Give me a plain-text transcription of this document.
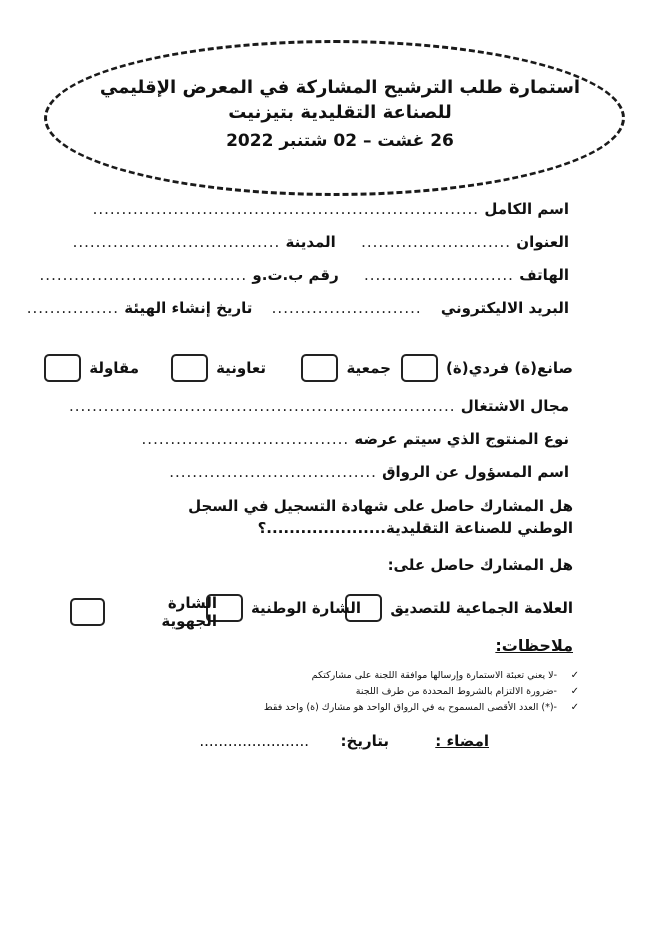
استمارة طلب الترشيح المشاركة في المعرض الإقليمي

للصناعة التقليدية بتيزنيت

26 غشت – 02 شتنبر 2022

اسم الكامل ...................................................................
العنوان .......................... المدينة ....................................
الهاتف .......................... رقم ب.ت.و ....................................
البريد الاليكتروني .......................... تاريخ إنشاء الهيئة ................
صانع(ة) فردي(ة)
جمعية
تعاونية
مقاولة
مجال الاشتغال ...................................................................
نوع المنتوج الذي سيتم عرضه ....................................
اسم المسؤول عن الرواق ....................................
هل المشارك حاصل على شهادة التسجيل في السجل الوطني للصناعة التقليدية.....................؟
هل المشارك حاصل على:
العلامة الجماعية للتصديق
الشارة الوطنية
الشارة الجهوية
ملاحظات:
✓
-لا يعني تعبئة الاستمارة وإرسالها موافقة اللجنة على مشاركتكم
✓
-ضرورة الالتزام بالشروط المحددة من طرف اللجنة
✓
-(*) العدد الأقصى المسموح به في الرواق الواحد هو مشارك (ة) واحد فقط
امضاء :
بتاريخ:
.......................
